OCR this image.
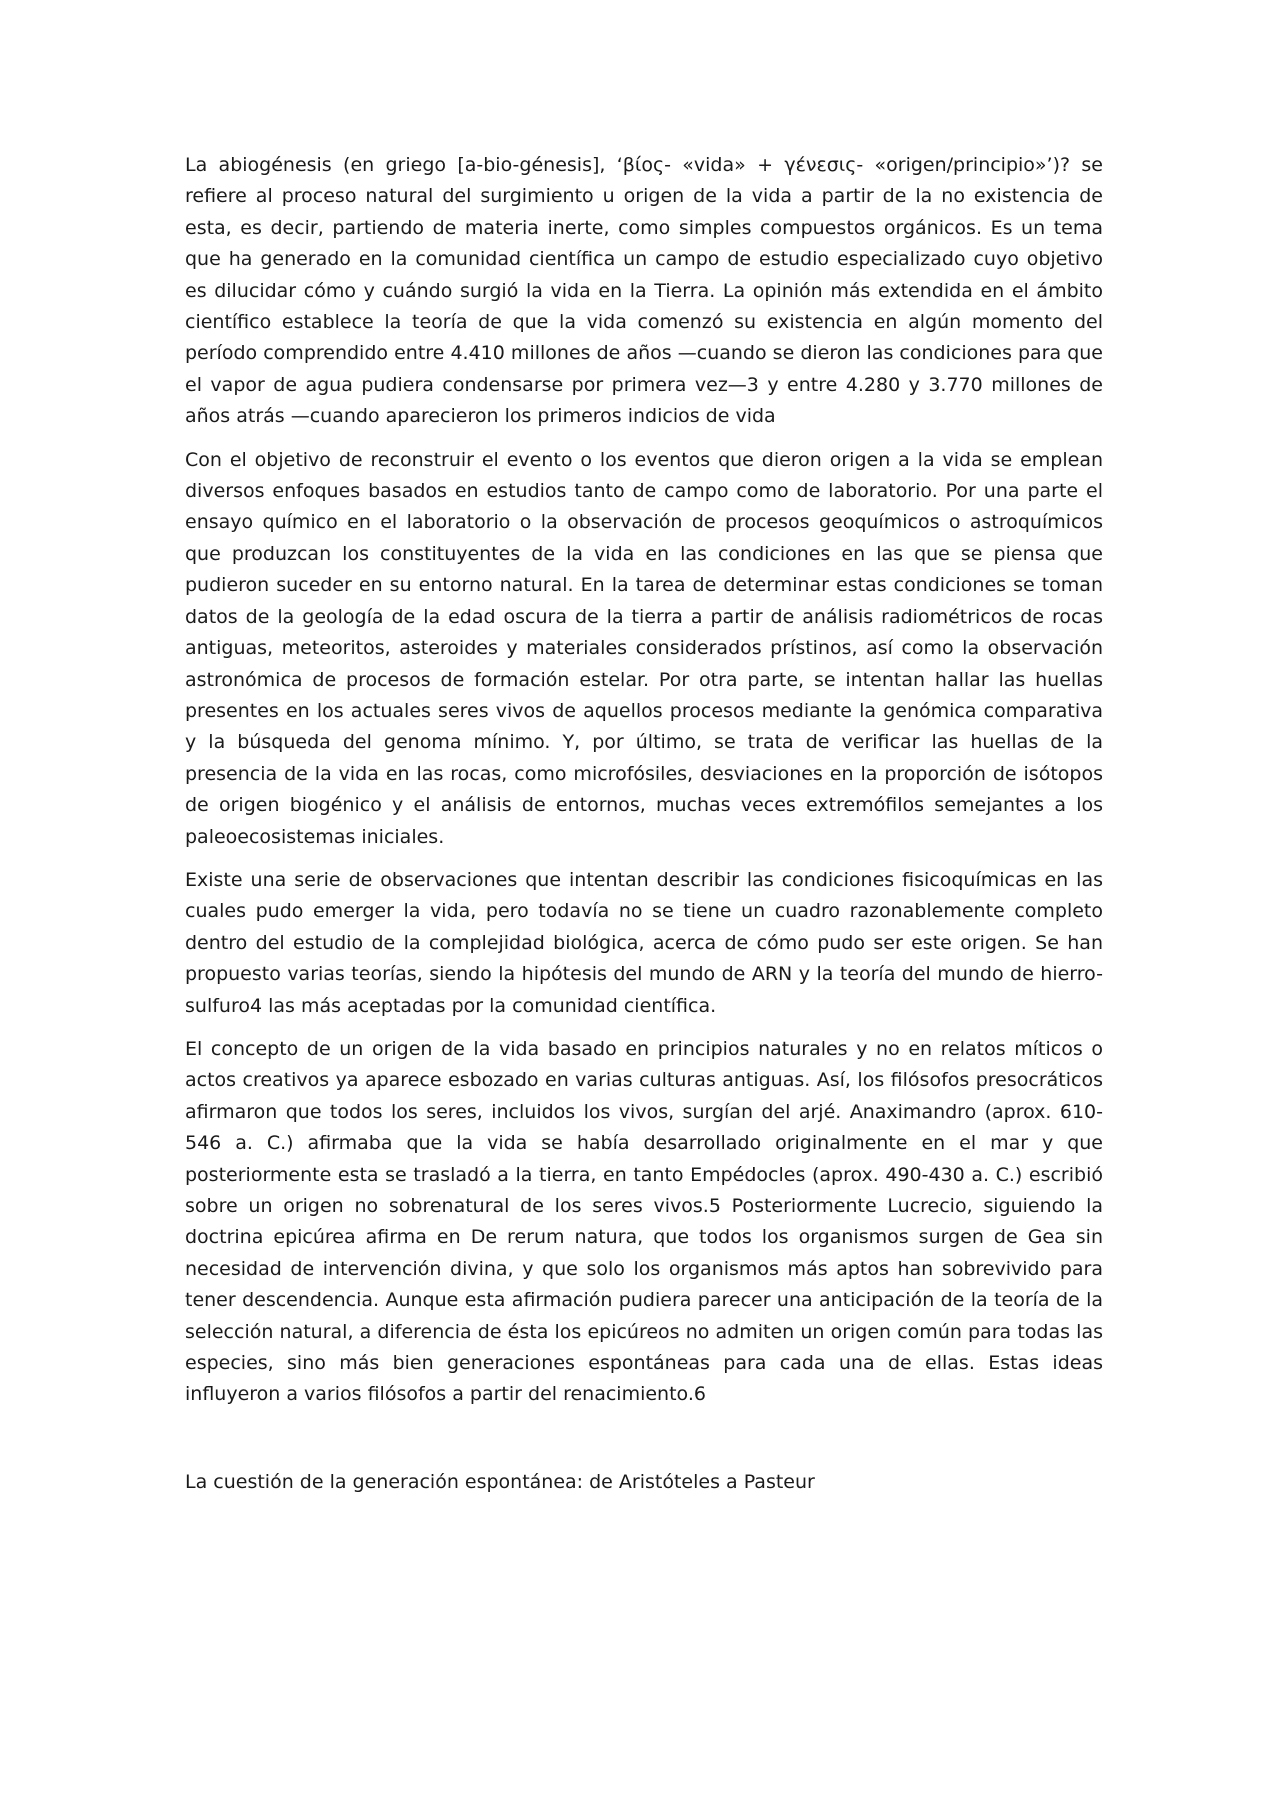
La abiogénesis (en griego [a-bio-génesis], ‘βίος- «vida» + γένεσις- «origen/principio»’)? se refiere al proceso natural del surgimiento u origen de la vida a partir de la no existencia de esta, es decir, partiendo de materia inerte, como simples compuestos orgánicos. Es un tema que ha generado en la comunidad científica un campo de estudio especializado cuyo objetivo es dilucidar cómo y cuándo surgió la vida en la Tierra. La opinión más extendida en el ámbito científico establece la teoría de que la vida comenzó su existencia en algún momento del período comprendido entre 4.410 millones de años —cuando se dieron las condiciones para que el vapor de agua pudiera condensarse por primera vez—3 y entre 4.280 y 3.770 millones de años atrás —cuando aparecieron los primeros indicios de vida

Con el objetivo de reconstruir el evento o los eventos que dieron origen a la vida se emplean diversos enfoques basados en estudios tanto de campo como de laboratorio. Por una parte el ensayo químico en el laboratorio o la observación de procesos geoquímicos o astroquímicos que produzcan los constituyentes de la vida en las condiciones en las que se piensa que pudieron suceder en su entorno natural. En la tarea de determinar estas condiciones se toman datos de la geología de la edad oscura de la tierra a partir de análisis radiométricos de rocas antiguas, meteoritos, asteroides y materiales considerados prístinos, así como la observación astronómica de procesos de formación estelar. Por otra parte, se intentan hallar las huellas presentes en los actuales seres vivos de aquellos procesos mediante la genómica comparativa y la búsqueda del genoma mínimo. Y, por último, se trata de verificar las huellas de la presencia de la vida en las rocas, como microfósiles, desviaciones en la proporción de isótopos de origen biogénico y el análisis de entornos, muchas veces extremófilos semejantes a los paleoecosistemas iniciales.

Existe una serie de observaciones que intentan describir las condiciones fisicoquímicas en las cuales pudo emerger la vida, pero todavía no se tiene un cuadro razonablemente completo dentro del estudio de la complejidad biológica, acerca de cómo pudo ser este origen. Se han propuesto varias teorías, siendo la hipótesis del mundo de ARN y la teoría del mundo de hierro-sulfuro4 las más aceptadas por la comunidad científica.

El concepto de un origen de la vida basado en principios naturales y no en relatos míticos o actos creativos ya aparece esbozado en varias culturas antiguas. Así, los filósofos presocráticos afirmaron que todos los seres, incluidos los vivos, surgían del arjé. Anaximandro (aprox. 610-546 a. C.) afirmaba que la vida se había desarrollado originalmente en el mar y que posteriormente esta se trasladó a la tierra, en tanto Empédocles (aprox. 490-430 a. C.) escribió sobre un origen no sobrenatural de los seres vivos.5 Posteriormente Lucrecio, siguiendo la doctrina epicúrea afirma en De rerum natura, que todos los organismos surgen de Gea sin necesidad de intervención divina, y que solo los organismos más aptos han sobrevivido para tener descendencia. Aunque esta afirmación pudiera parecer una anticipación de la teoría de la selección natural, a diferencia de ésta los epicúreos no admiten un origen común para todas las especies, sino más bien generaciones espontáneas para cada una de ellas. Estas ideas influyeron a varios filósofos a partir del renacimiento.6

La cuestión de la generación espontánea: de Aristóteles a Pasteur
